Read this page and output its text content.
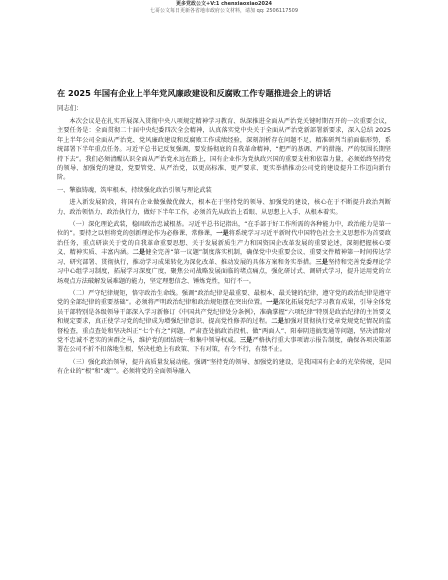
更多党政公文+V:1 chenxiaoxiao2024
七哥公文每日更新各省地市政府公文材料，请加 qq: 2506117509
在 2025 年国有企业上半年党风廉政建设和反腐败工作专题推进会上的讲话
同志们：

本次会议是在扎实开展深入贯彻中央八项规定精神学习教育、纵深推进全面从严治党关键时期召开的一次重要会议，主要任务是：全面贯彻二十届中央纪委四次全会精神，认真落实党中央关于全面从严治党新部署新要求，深入总结 2025 年上半年公司全面从严治党、党风廉政建设和反腐败工作成绩经验，深刻剖析存在问题不足，精准研判当前面临形势，系统部署下半年重点任务。习近平总书记反复强调，要发扬彻底的自我革命精神，“把严的基调、严的措施、严的氛围长期坚持下去”。我们必须清醒认识全面从严治党永远在路上，国有企业作为党执政兴国的重要支柱和依靠力量，必须始终坚持党的领导、加强党的建设，党要管党、从严治党，以更高标准、更严要求、更实举措推动公司党的建设提升工作迈向新台阶。

一、擎旗铸魂，筑牢根本，持续强化政治引领与理论武装

进入新发展阶段，将国有企业做强做优做大，根本在于坚持党的领导、加强党的建设，核心在于不断提升政治判断力、政治领悟力、政治执行力，做好下半年工作，必须首先从政治上看眼、从思想上入手、从根本着实。

（一）深化理论武装，稳固政治忠诚根基。习近平总书记指出，“在手部于好工作所需的各种能力中，政治能力是第一位的”。要持之以恒将党的创新理论作为必修课、常修课，一是将系统学习习近平新时代中国特色社会主义思想作为首要政治任务，重点研读关于党的自我革命重要思想、关于发展新质生产力和国资国企改革发展的重要论述，深刻把握核心要义、精神实质、丰富内涵。二是健全完善“第一议题”制度落实机制，确保党中央重要会议、重要文件精神第一时间传达学习、研究部署、贯彻执行，推动学习成果转化为深化改革、推动发展的具体方案和务实举措。三是坚持和完善党委理论学习中心组学习制度，拓展学习深度广度，聚焦公司战略发展面临的堵点痛点，强化研讨式、调研式学习，提升运用党的立场观点方法破解发展难题的能力，坚定理想信念、锤炼党性，知行不一。

（二）严守纪律规矩，恪守政治生命线。强调“政治纪律是最重要、最根本、最关键的纪律，遵守党的政治纪律是遵守党的全部纪律的重要基础”。必须将严明政治纪律和政治规矩摆在突出位置。一是深化拓展党纪学习教育成果，引导全体党员干部特别是各级领导干部深入学习新修订《中国共产党纪律处分条例》，准确掌握“六项纪律”特别是政治纪律的主旨要义和规定要求，真正使学习党的纪律成为增强纪律意识、提高党性修养的过程。二是加强对贯彻执行党章党规党纪情况的监督检查，重点查处和坚决纠正“七个有之”问题，严肃查处搞政治投机、做“两面人”、阳奉阴违搞变通等问题，坚决清除对党不忠诚不老实的害群之马，维护党的团结统一和集中领导权威。三是严格执行重大事项请示报告制度，确保各项决策部署在公司不折不扣落地生根，坚决杜绝上有政策、下有对策，有令不行，有禁不止。

（三）强化政治领导，提升高质量发展动能。强调“坚持党的领导、加强党的建设，是我国国有企业的光荣传统，是国有企业的“根”和“魂””。必须将党的全面领导融入
